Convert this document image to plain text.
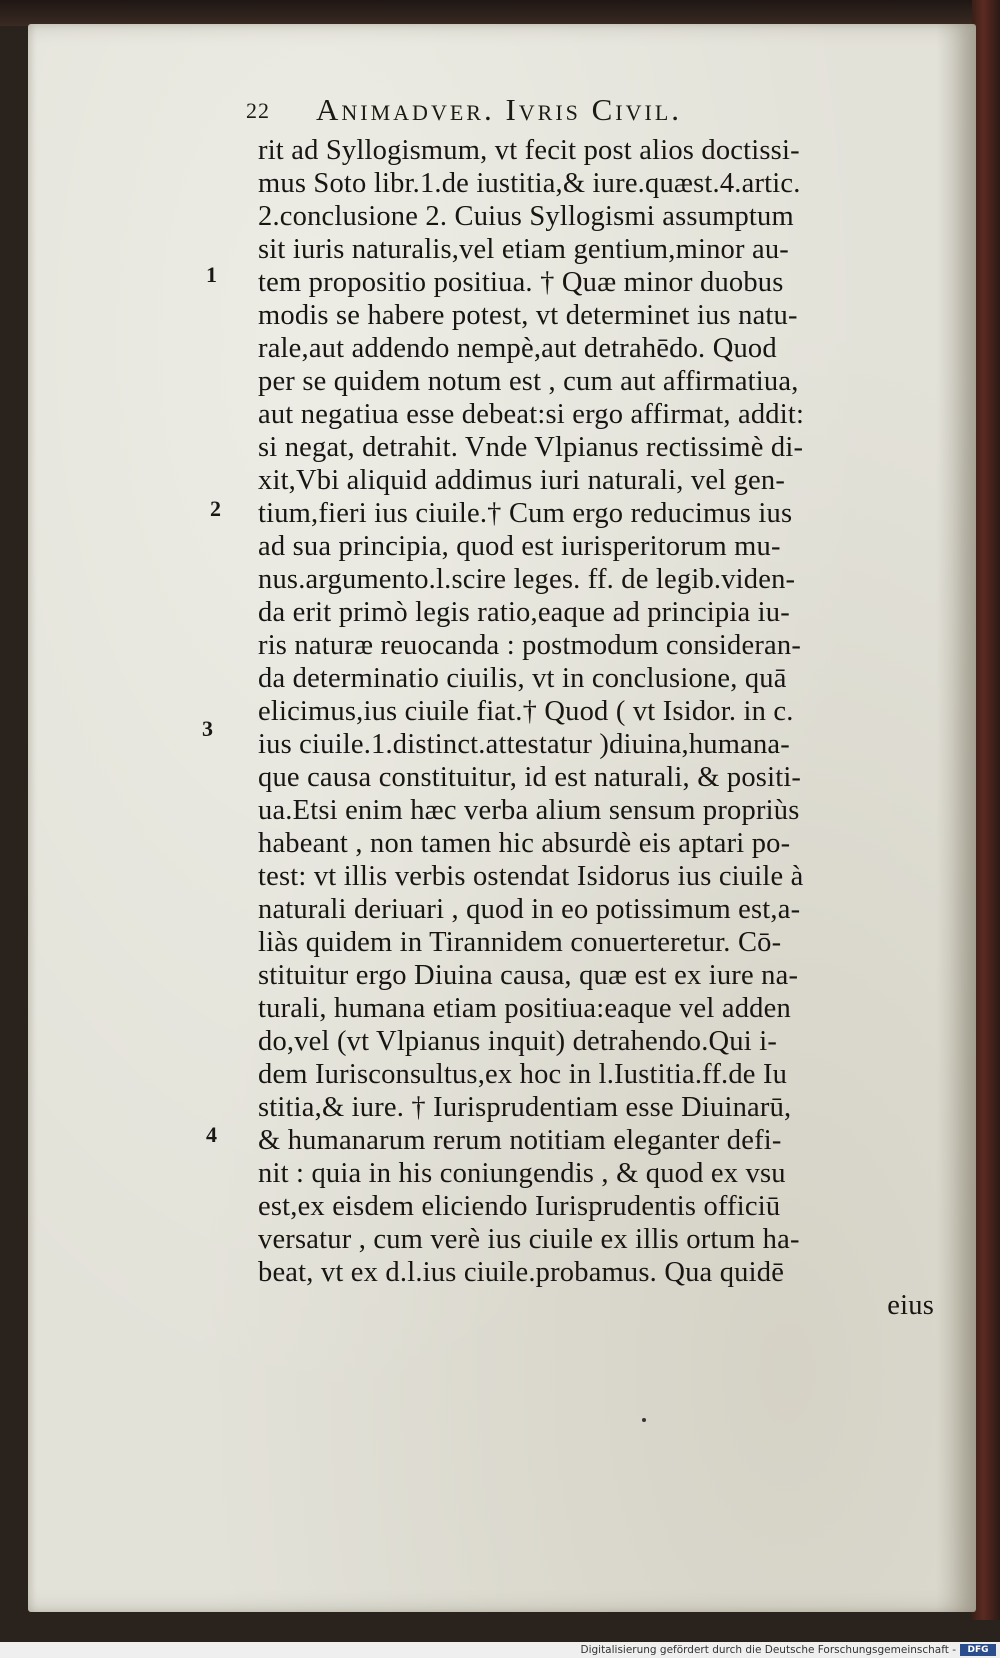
22 Animadver. Ivris Civil.
rit ad Syllogismum, vt fecit post alios doctissi-
mus Soto libr.1.de iustitia,& iure.quæst.4.artic.
2.conclusione 2. Cuius Syllogismi assumptum
sit iuris naturalis,vel etiam gentium,minor au-
tem propositio positiua. † Quæ minor duobus
modis se habere potest, vt determinet ius natu-
rale,aut addendo nempè,aut detrahēdo. Quod
per se quidem notum est , cum aut affirmatiua,
aut negatiua esse debeat:si ergo affirmat, addit:
si negat, detrahit. Vnde Vlpianus rectissimè di-
xit,Vbi aliquid addimus iuri naturali, vel gen-
tium,fieri ius ciuile.† Cum ergo reducimus ius
ad sua principia, quod est iurisperitorum mu-
nus.argumento.l.scire leges. ff. de legib.viden-
da erit primò legis ratio,eaque ad principia iu-
ris naturæ reuocanda : postmodum consideran-
da determinatio ciuilis, vt in conclusione, quā
elicimus,ius ciuile fiat.† Quod ( vt Isidor. in c.
ius ciuile.1.distinct.attestatur )diuina,humana-
que causa constituitur, id est naturali, & positi-
ua.Etsi enim hæc verba alium sensum propriùs
habeant , non tamen hic absurdè eis aptari po-
test: vt illis verbis ostendat Isidorus ius ciuile à
naturali deriuari , quod in eo potissimum est,a-
liàs quidem in Tirannidem conuerteretur. Cō-
stituitur ergo Diuina causa, quæ est ex iure na-
turali, humana etiam positiua:eaque vel adden
do,vel (vt Vlpianus inquit) detrahendo.Qui i-
dem Iurisconsultus,ex hoc in l.Iustitia.ff.de Iu
stitia,& iure. † Iurisprudentiam esse Diuinarū,
& humanarum rerum notitiam eleganter defi-
nit : quia in his coniungendis , & quod ex vsu
est,ex eisdem eliciendo Iurisprudentis officiū
versatur , cum verè ius ciuile ex illis ortum ha-
beat, vt ex d.l.ius ciuile.probamus. Qua quidē
eius
1
2
3
4
Digitalisierung gefördert durch die Deutsche Forschungsgemeinschaft -	DFG
